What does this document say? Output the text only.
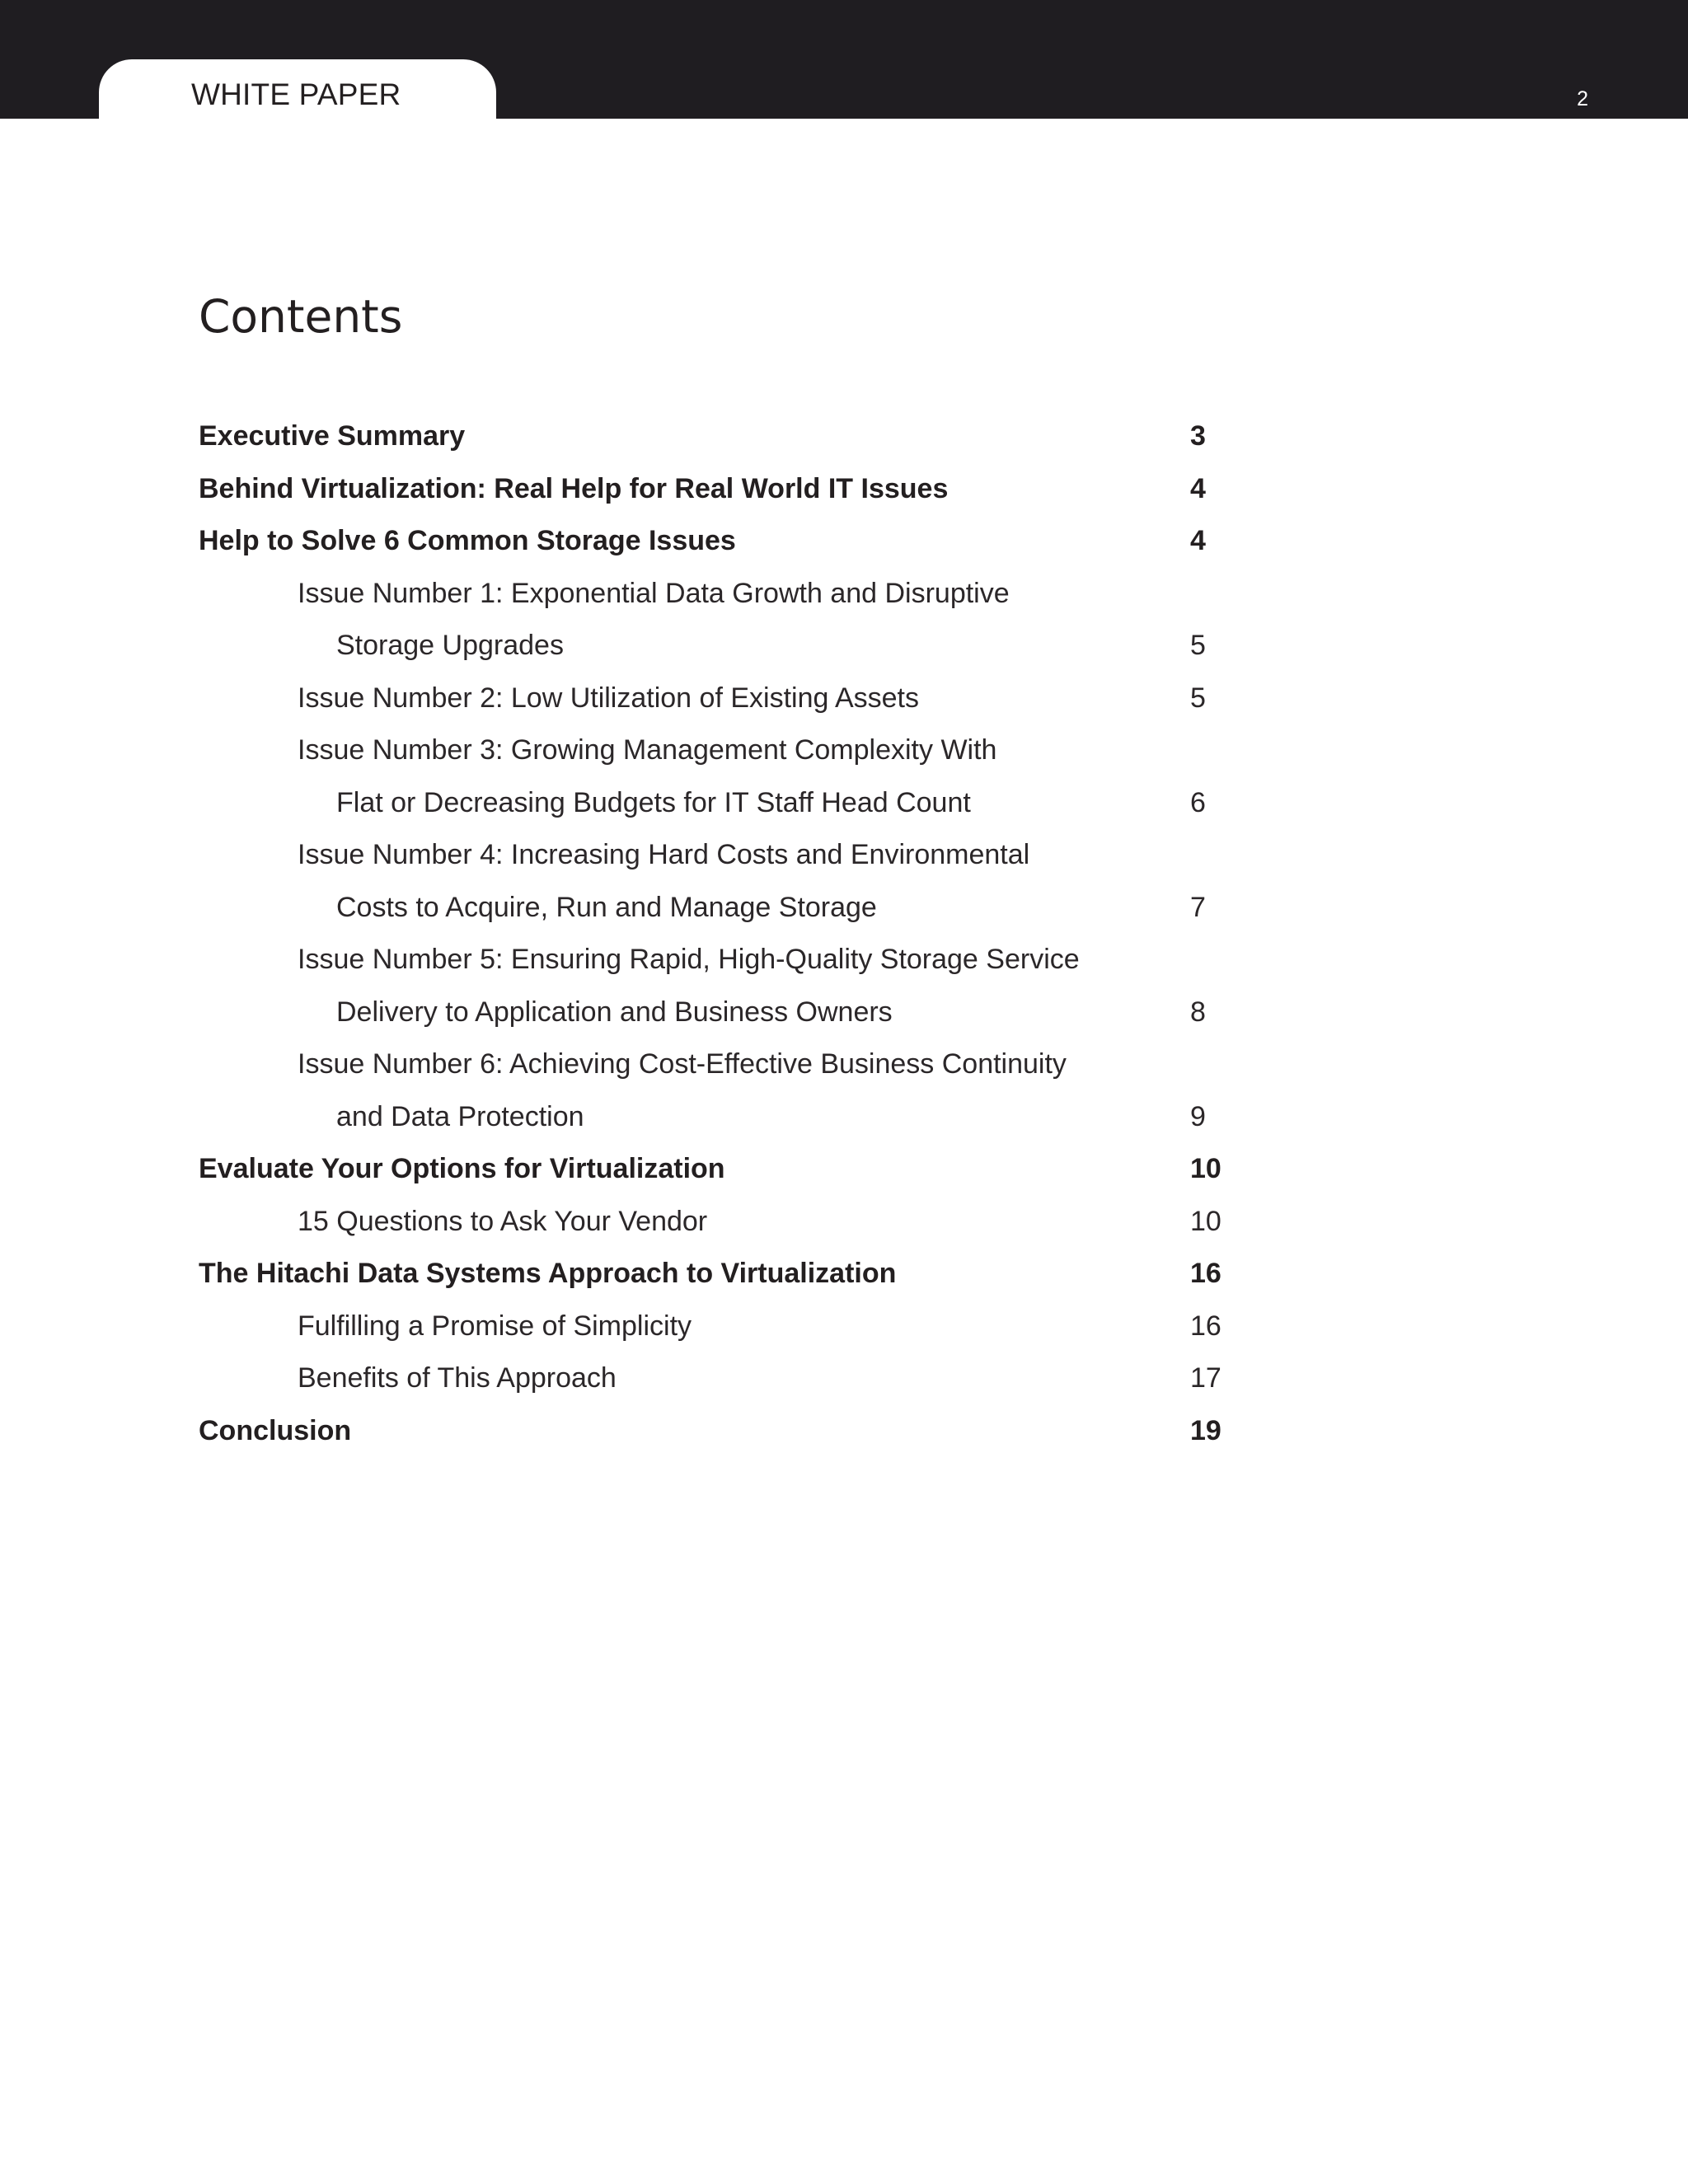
WHITE PAPER	2
Contents
Executive Summary	3
Behind Virtualization: Real Help for Real World IT Issues	4
Help to Solve 6 Common Storage Issues	4
Issue Number 1: Exponential Data Growth and Disruptive
Storage Upgrades	5
Issue Number 2: Low Utilization of Existing Assets	5
Issue Number 3: Growing Management Complexity With
Flat or Decreasing Budgets for IT Staff Head Count	6
Issue Number 4: Increasing Hard Costs and Environmental
Costs to Acquire, Run and Manage Storage	7
Issue Number 5: Ensuring Rapid, High-Quality Storage Service
Delivery to Application and Business Owners	8
Issue Number 6: Achieving Cost-Effective Business Continuity
and Data Protection	9
Evaluate Your Options for Virtualization	10
15 Questions to Ask Your Vendor	10
The Hitachi Data Systems Approach to Virtualization	16
Fulfilling a Promise of Simplicity	16
Benefits of This Approach	17
Conclusion	19
